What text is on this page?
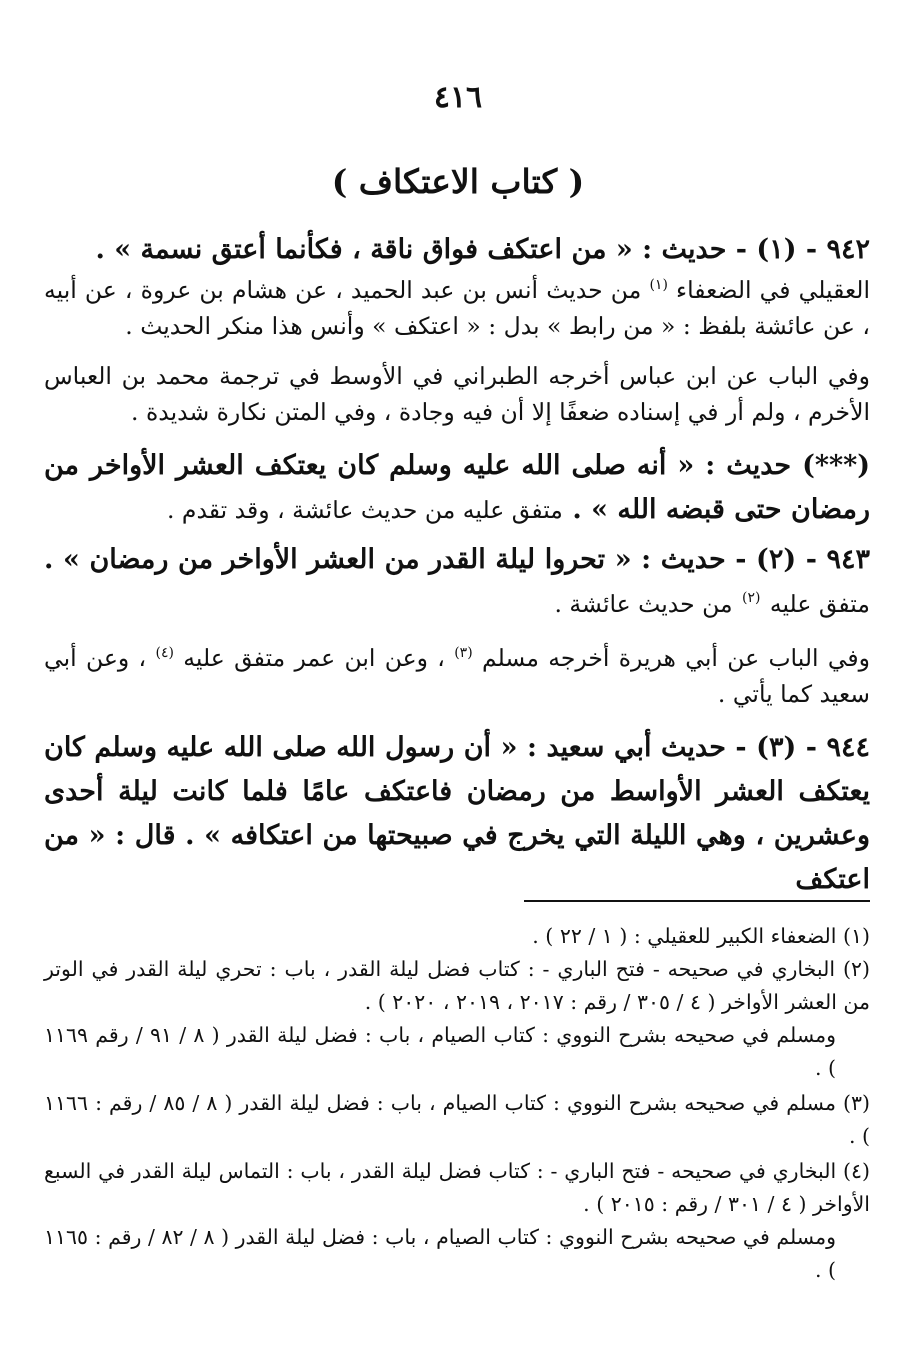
٤١٦
( كتاب الاعتكاف )

٩٤٢ - (١) - حديث : « من اعتكف فواق ناقة ، فكأنما أعتق نسمة » .

العقيلي في الضعفاء $^{(١)}$ من حديث أنس بن عبد الحميد ، عن هشام بن عروة ، عن أبيه ، عن عائشة بلفظ : « من رابط » بدل : « اعتكف » وأنس هذا منكر الحديث .

وفي الباب عن ابن عباس أخرجه الطبراني في الأوسط في ترجمة محمد بن العباس الأخرم ، ولم أر في إسناده ضعفًا إلا أن فيه وجادة ، وفي المتن نكارة شديدة .

(***) حديث : « أنه صلى الله عليه وسلم كان يعتكف العشر الأواخر من رمضان حتى قبضه الله » . متفق عليه من حديث عائشة ، وقد تقدم .

٩٤٣ - (٢) - حديث : « تحروا ليلة القدر من العشر الأواخر من رمضان » . متفق عليه $^{(٢)}$ من حديث عائشة .

وفي الباب عن أبي هريرة أخرجه مسلم $^{(٣)}$ ، وعن ابن عمر متفق عليه $^{(٤)}$ ، وعن أبي سعيد كما يأتي .

٩٤٤ - (٣) - حديث أبي سعيد : « أن رسول الله صلى الله عليه وسلم كان يعتكف العشر الأواسط من رمضان فاعتكف عامًا فلما كانت ليلة أحدى وعشرين ، وهي الليلة التي يخرج في صبيحتها من اعتكافه » . قال : « من اعتكف

(١) الضعفاء الكبير للعقيلي : ( ١ / ٢٢ ) .

(٢) البخاري في صحيحه - فتح الباري - : كتاب فضل ليلة القدر ، باب : تحري ليلة القدر في الوتر من العشر الأواخر ( ٤ / ٣٠٥ / رقم : ٢٠١٧ ، ٢٠١٩ ، ٢٠٢٠ ) .

ومسلم في صحيحه بشرح النووي : كتاب الصيام ، باب : فضل ليلة القدر ( ٨ / ٩١ / رقم ١١٦٩ ) .

(٣) مسلم في صحيحه بشرح النووي : كتاب الصيام ، باب : فضل ليلة القدر ( ٨ / ٨٥ / رقم : ١١٦٦ ) .

(٤) البخاري في صحيحه - فتح الباري - : كتاب فضل ليلة القدر ، باب : التماس ليلة القدر في السبع الأواخر ( ٤ / ٣٠١ / رقم : ٢٠١٥ ) .

ومسلم في صحيحه بشرح النووي : كتاب الصيام ، باب : فضل ليلة القدر ( ٨ / ٨٢ / رقم : ١١٦٥ ) .
